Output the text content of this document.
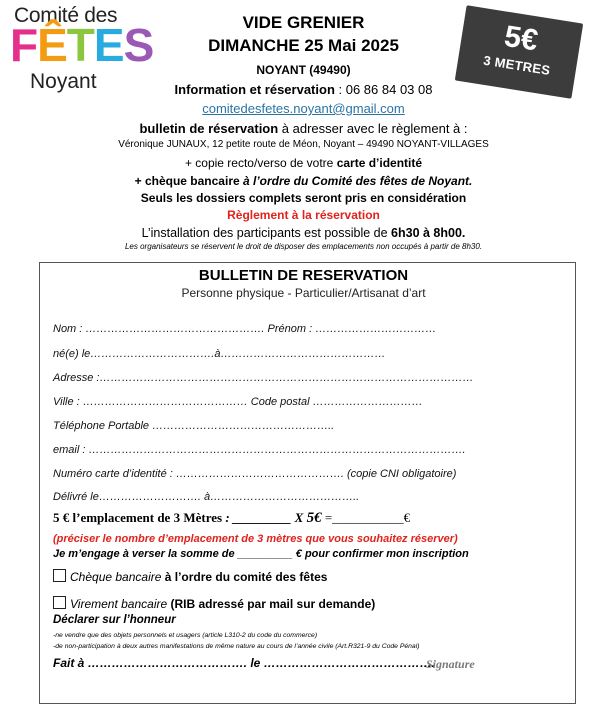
Comité des
FÊTES
Noyant
5€
3 METRES
VIDE GRENIER
DIMANCHE 25 Mai 2025
NOYANT (49490)
Information et réservation : 06 86 84 03 08
comitedesfetes.noyant@gmail.com
bulletin de réservation à adresser avec le règlement à :
Véronique JUNAUX, 12 petite route de Méon, Noyant – 49490 NOYANT-VILLAGES
+ copie recto/verso de votre carte d’identité
+ chèque bancaire à l’ordre du Comité des fêtes de Noyant.
Seuls les dossiers complets seront pris en considération
Règlement à la réservation
L’installation des participants est possible de 6h30 à 8h00.
Les organisateurs se réservent le droit de disposer des emplacements non occupés à partir de 8h30.
BULLETIN DE RESERVATION
Personne physique - Particulier/Artisanat d’art
Nom : …………………………………………. Prénom : ……………………………
né(e) le…………………………….à………………………………………
Adresse :…………………………………………………………………………………………
Ville : ……………………………………… Code postal …………………………
Téléphone Portable …………………………………………..
email : ………………………………………………………………………………………….
Numéro carte d’identité : ………………………………………. (copie CNI obligatoire)
Délivré le………………………. à…………………………………..
5 € l’emplacement de 3 Mètres : _________ X 5€ =___________€
(préciser le nombre d’emplacement de 3 mètres que vous souhaitez réserver)
Je m’engage à verser la somme de _________ € pour confirmer mon inscription
Chèque bancaire à l’ordre du comité des fêtes
Virement bancaire (RIB adressé par mail sur demande)
Déclarer sur l’honneur
-ne vendre que des objets personnels et usagers (article L310-2 du code du commerce)
-de non-participation à deux autres manifestations de même nature au cours de l’année civile (Art.R321-9 du Code Pénal)
Fait à …………………………………. le …………………………………….
Signature
